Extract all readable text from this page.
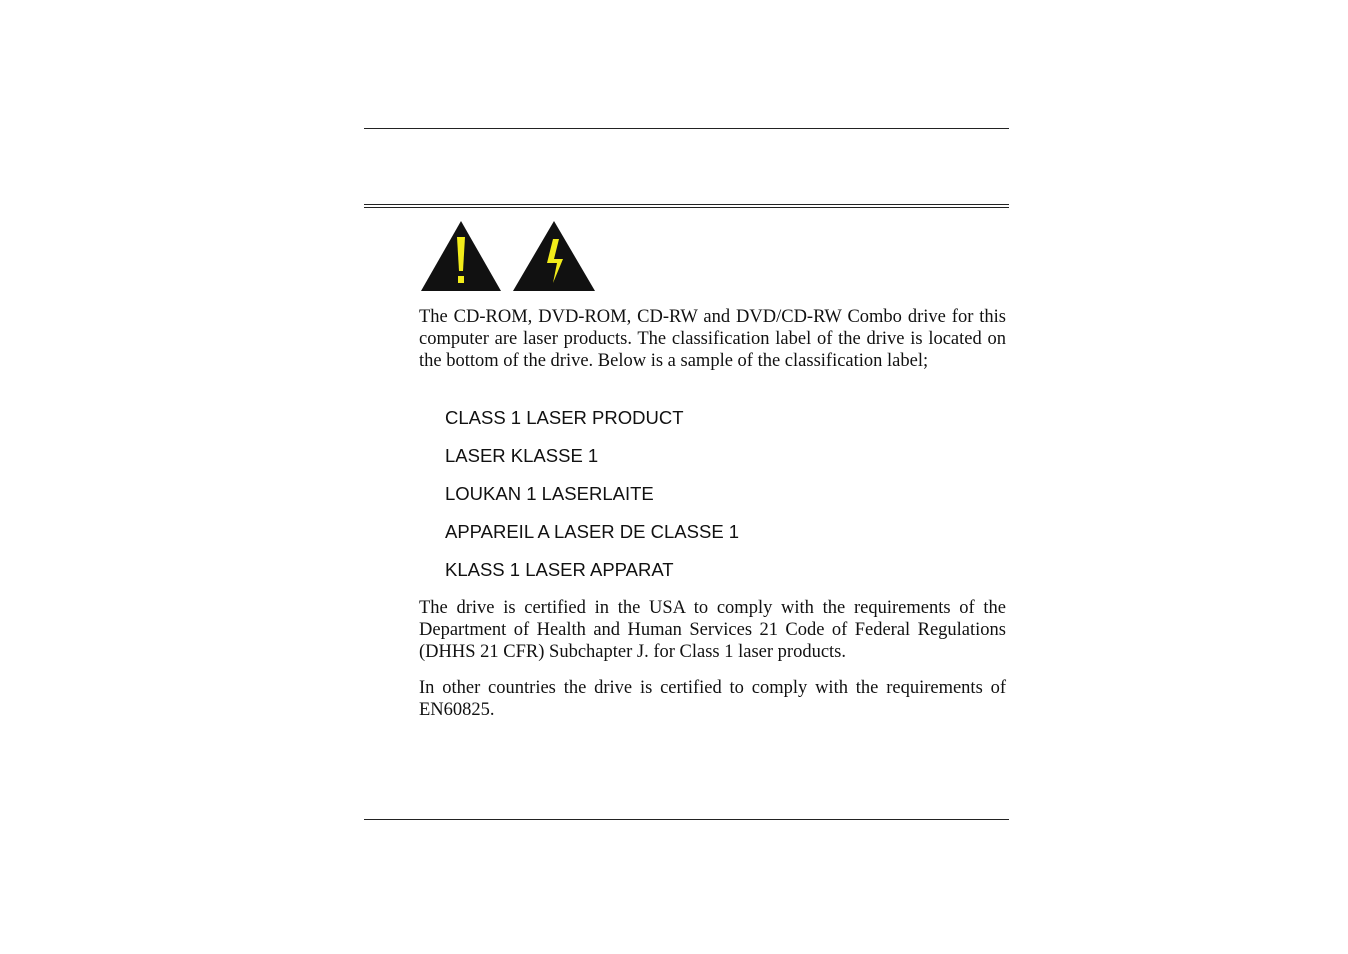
The CD-ROM, DVD-ROM, CD-RW and DVD/CD-RW Combo drive for this computer are laser products. The classification label of the drive is located on the bottom of the drive. Below is a sample of the classification label;

CLASS 1 LASER PRODUCT
LASER KLASSE 1
LOUKAN 1 LASERLAITE
APPAREIL A LASER DE CLASSE 1
KLASS 1 LASER APPARAT

The drive is certified in the USA to comply with the requirements of the Department of Health and Human Services 21 Code of Federal Regulations (DHHS 21 CFR) Subchapter J. for Class 1 laser products.

In other countries the drive is certified to comply with the requirements of EN60825.
